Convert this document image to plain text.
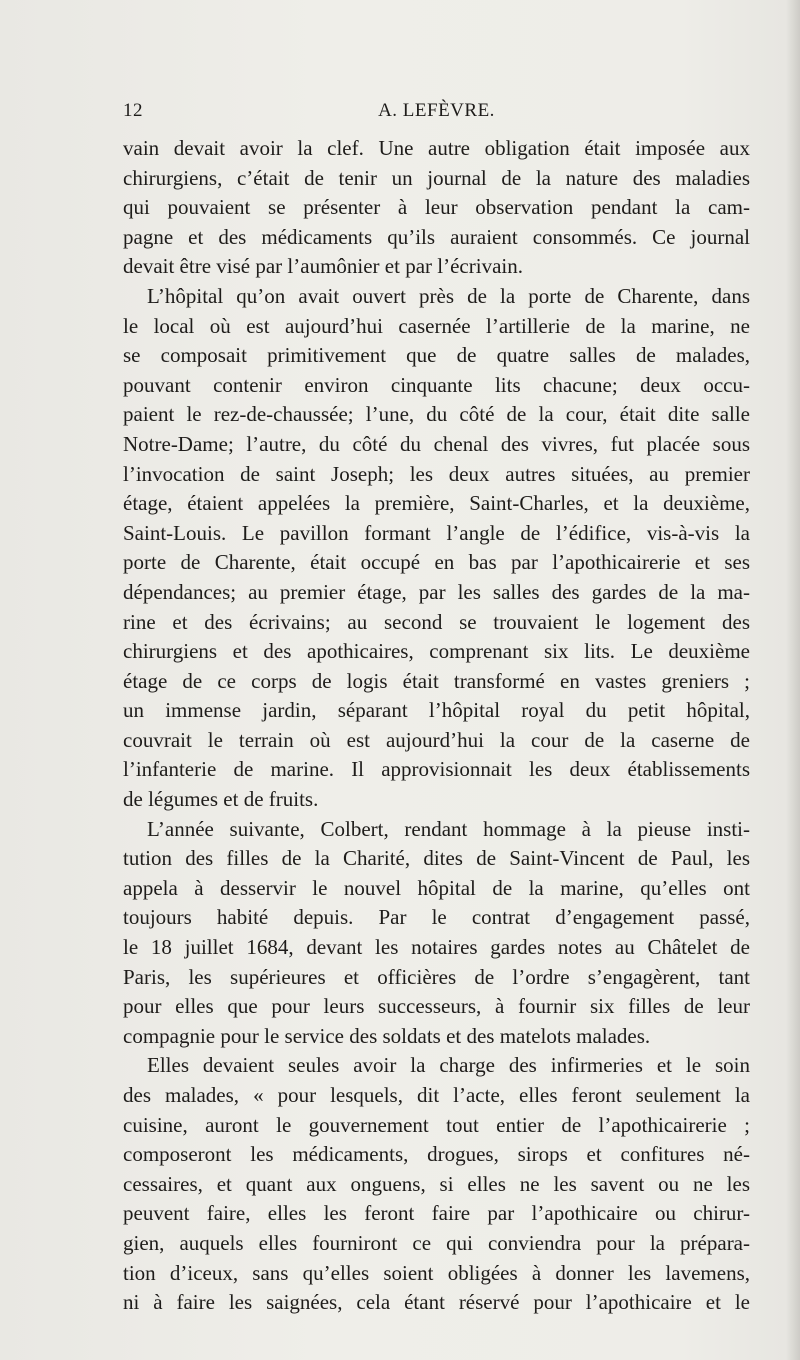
12	A. LEFÈVRE.
vain devait avoir la clef. Une autre obligation était imposée aux
chirurgiens, c’était de tenir un journal de la nature des maladies
qui pouvaient se présenter à leur observation pendant la cam-
pagne et des médicaments qu’ils auraient consommés. Ce journal
devait être visé par l’aumônier et par l’écrivain.
L’hôpital qu’on avait ouvert près de la porte de Charente, dans
le local où est aujourd’hui casernée l’artillerie de la marine, ne
se composait primitivement que de quatre salles de malades,
pouvant contenir environ cinquante lits chacune; deux occu-
paient le rez-de-chaussée; l’une, du côté de la cour, était dite salle
Notre-Dame; l’autre, du côté du chenal des vivres, fut placée sous
l’invocation de saint Joseph; les deux autres situées, au premier
étage, étaient appelées la première, Saint-Charles, et la deuxième,
Saint-Louis. Le pavillon formant l’angle de l’édifice, vis-à-vis la
porte de Charente, était occupé en bas par l’apothicairerie et ses
dépendances; au premier étage, par les salles des gardes de la ma-
rine et des écrivains; au second se trouvaient le logement des
chirurgiens et des apothicaires, comprenant six lits. Le deuxième
étage de ce corps de logis était transformé en vastes greniers ;
un immense jardin, séparant l’hôpital royal du petit hôpital,
couvrait le terrain où est aujourd’hui la cour de la caserne de
l’infanterie de marine. Il approvisionnait les deux établissements
de légumes et de fruits.
L’année suivante, Colbert, rendant hommage à la pieuse insti-
tution des filles de la Charité, dites de Saint-Vincent de Paul, les
appela à desservir le nouvel hôpital de la marine, qu’elles ont
toujours habité depuis. Par le contrat d’engagement passé,
le 18 juillet 1684, devant les notaires gardes notes au Châtelet de
Paris, les supérieures et officières de l’ordre s’engagèrent, tant
pour elles que pour leurs successeurs, à fournir six filles de leur
compagnie pour le service des soldats et des matelots malades.
Elles devaient seules avoir la charge des infirmeries et le soin
des malades, « pour lesquels, dit l’acte, elles feront seulement la
cuisine, auront le gouvernement tout entier de l’apothicairerie ;
composeront les médicaments, drogues, sirops et confitures né-
cessaires, et quant aux onguens, si elles ne les savent ou ne les
peuvent faire, elles les feront faire par l’apothicaire ou chirur-
gien, auquels elles fourniront ce qui conviendra pour la prépara-
tion d’iceux, sans qu’elles soient obligées à donner les lavemens,
ni à faire les saignées, cela étant réservé pour l’apothicaire et le
